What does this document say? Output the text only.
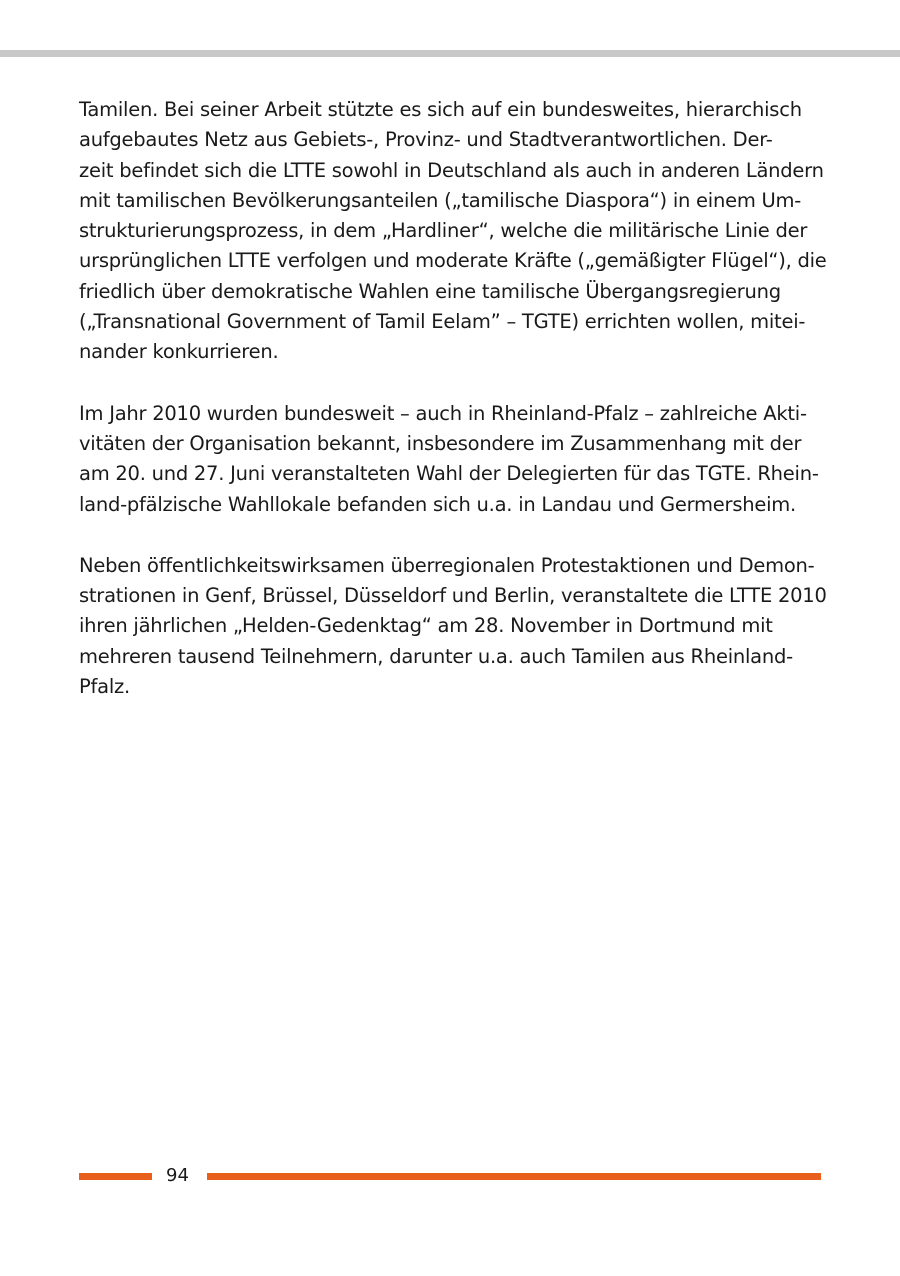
Tamilen. Bei seiner Arbeit stützte es sich auf ein bundesweites, hierarchisch
aufgebautes Netz aus Gebiets-, Provinz- und Stadtverantwortlichen. Der-
zeit befindet sich die LTTE sowohl in Deutschland als auch in anderen Ländern
mit tamilischen Bevölkerungsanteilen („tamilische Diaspora“) in einem Um-
strukturierungsprozess, in dem „Hardliner“, welche die militärische Linie der
ursprünglichen LTTE verfolgen und moderate Kräfte („gemäßigter Flügel“), die
friedlich über demokratische Wahlen eine tamilische Übergangsregierung
(„Transnational Government of Tamil Eelam” – TGTE) errichten wollen, mitei-
nander konkurrieren.

Im Jahr 2010 wurden bundesweit – auch in Rheinland-Pfalz – zahlreiche Akti-
vitäten der Organisation bekannt, insbesondere im Zusammenhang mit der
am 20. und 27. Juni veranstalteten Wahl der Delegierten für das TGTE. Rhein-
land-pfälzische Wahllokale befanden sich u.a. in Landau und Germersheim.

Neben öffentlichkeitswirksamen überregionalen Protestaktionen und Demon-
strationen in Genf, Brüssel, Düsseldorf und Berlin, veranstaltete die LTTE 2010
ihren jährlichen „Helden-Gedenktag“ am 28. November in Dortmund mit
mehreren tausend Teilnehmern, darunter u.a. auch Tamilen aus Rheinland-
Pfalz.

94
